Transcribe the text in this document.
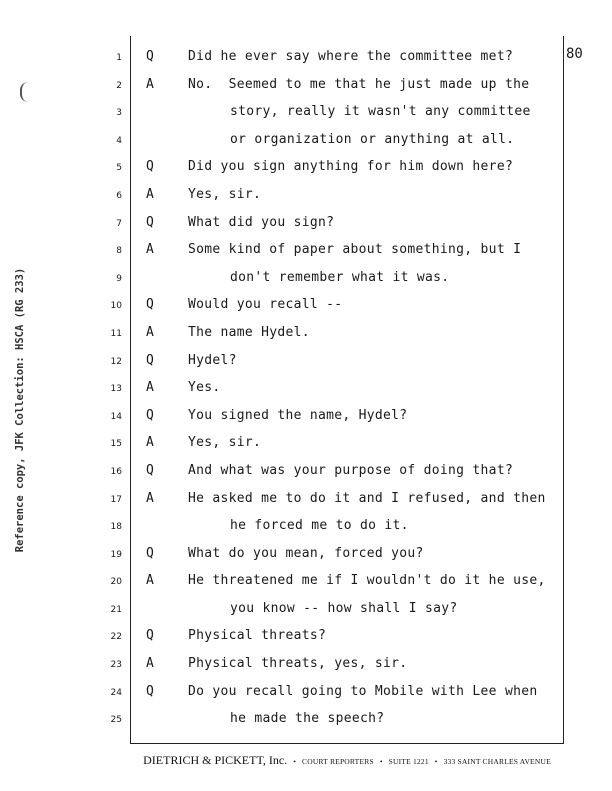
80
Reference copy, JFK Collection: HSCA (RG 233)
1 Q	Did he ever say where the committee met?
2 A	No.  Seemed to me that he just made up the
3	story, really it wasn't any committee
4	or organization or anything at all.
5 Q	Did you sign anything for him down here?
6 A	Yes, sir.
7 Q	What did you sign?
8 A	Some kind of paper about something, but I
9	don't remember what it was.
10 Q	Would you recall --
11 A	The name Hydel.
12 Q	Hydel?
13 A	Yes.
14 Q	You signed the name, Hydel?
15 A	Yes, sir.
16 Q	And what was your purpose of doing that?
17 A	He asked me to do it and I refused, and then
18	he forced me to do it.
19 Q	What do you mean, forced you?
20 A	He threatened me if I wouldn't do it he use,
21	you know -- how shall I say?
22 Q	Physical threats?
23 A	Physical threats, yes, sir.
24 Q	Do you recall going to Mobile with Lee when
25	he made the speech?
DIETRICH & PICKETT, Inc. • COURT REPORTERS • SUITE 1221 • 333 SAINT CHARLES AVENUE
